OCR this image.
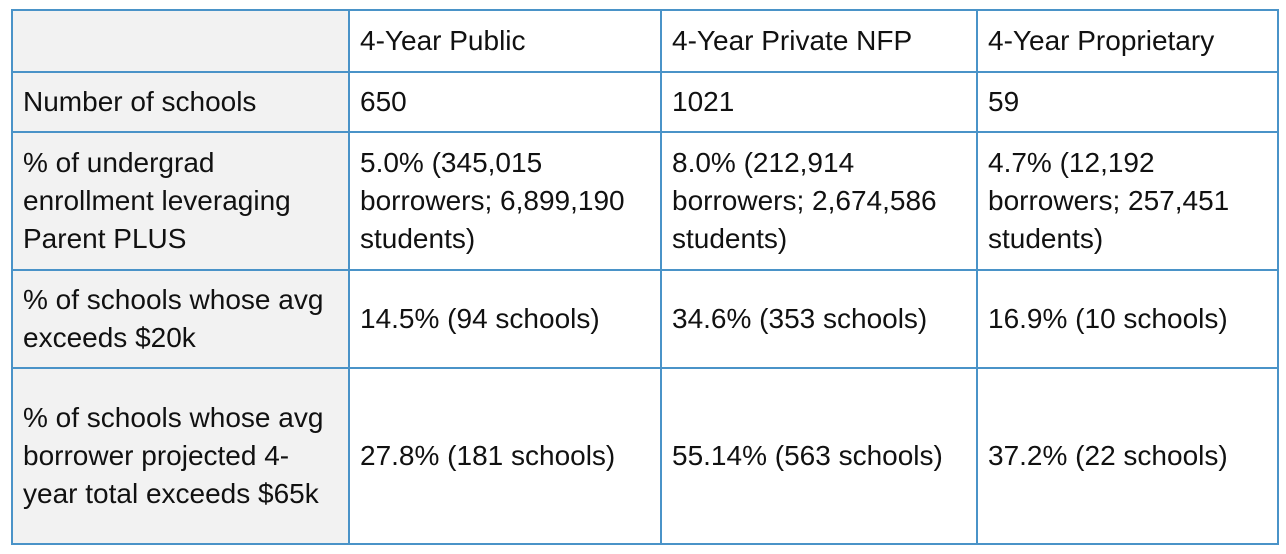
	4-Year Public	4-Year Private NFP	4-Year Proprietary
Number of schools	650	1021	59
% of undergrad enrollment leveraging Parent PLUS	5.0% (345,015 borrowers; 6,899,190 students)	8.0% (212,914 borrowers; 2,674,586 students)	4.7% (12,192 borrowers; 257,451 students)
% of schools whose avg exceeds $20k	14.5% (94 schools)	34.6% (353 schools)	16.9% (10 schools)
% of schools whose avg borrower projected 4-year total exceeds $65k	27.8% (181 schools)	55.14% (563 schools)	37.2% (22 schools)
